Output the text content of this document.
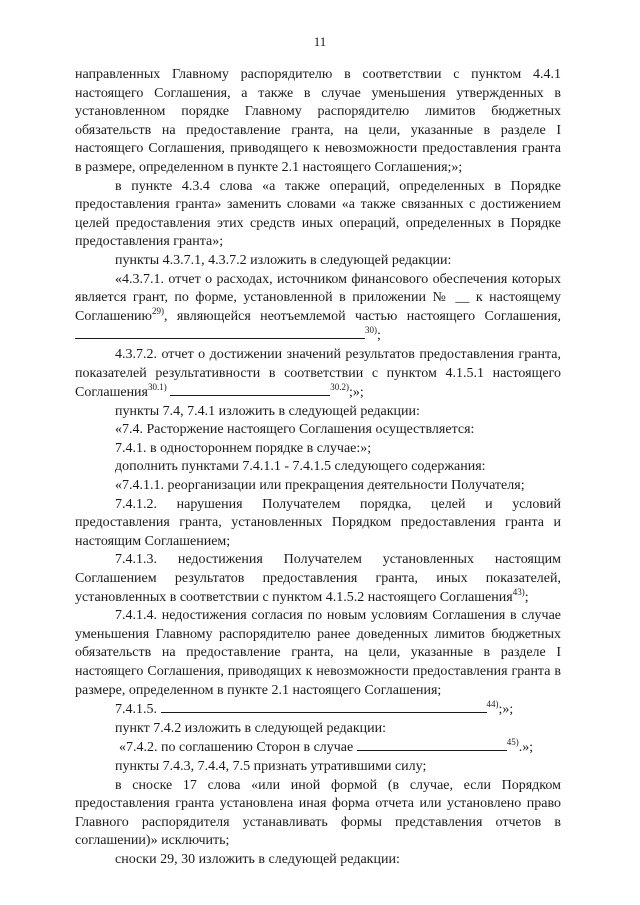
11

направленных Главному распорядителю в соответствии с пунктом 4.4.1 настоящего Соглашения, а также в случае уменьшения утвержденных в установленном порядке Главному распорядителю лимитов бюджетных обязательств на предоставление гранта, на цели, указанные в разделе I настоящего Соглашения, приводящего к невозможности предоставления гранта в размере, определенном в пункте 2.1 настоящего Соглашения;»;

в пункте 4.3.4 слова «а также операций, определенных в Порядке предоставления гранта» заменить словами «а также связанных с достижением целей предоставления этих средств иных операций, определенных в Порядке предоставления гранта»;

пункты 4.3.7.1, 4.3.7.2 изложить в следующей редакции:

«4.3.7.1. отчет о расходах, источником финансового обеспечения которых является грант, по форме, установленной в приложении № __ к настоящему Соглашению$^{29)}$, являющейся неотъемлемой частью настоящего Соглашения, $^{30)}$;

4.3.7.2. отчет о достижении значений результатов предоставления гранта, показателей результативности в соответствии с пунктом 4.1.5.1 настоящего Соглашения$^{30.1)}$	$^{30.2)}$;»;

пункты 7.4, 7.4.1 изложить в следующей редакции:

«7.4. Расторжение настоящего Соглашения осуществляется:

7.4.1. в одностороннем порядке в случае:»;

дополнить пунктами 7.4.1.1 - 7.4.1.5 следующего содержания:

«7.4.1.1. реорганизации или прекращения деятельности Получателя;

7.4.1.2. нарушения Получателем порядка, целей и условий предоставления гранта, установленных Порядком предоставления гранта и настоящим Соглашением;

7.4.1.3. недостижения Получателем установленных настоящим Соглашением результатов предоставления гранта, иных показателей, установленных в соответствии с пунктом 4.1.5.2 настоящего Соглашения$^{43)}$;

7.4.1.4. недостижения согласия по новым условиям Соглашения в случае уменьшения Главному распорядителю ранее доведенных лимитов бюджетных обязательств на предоставление гранта, на цели, указанные в разделе I настоящего Соглашения, приводящих к невозможности предоставления гранта в размере, определенном в пункте 2.1 настоящего Соглашения;

7.4.1.5.	$^{44)}$;»;

пункт 7.4.2 изложить в следующей редакции:

«7.4.2. по соглашению Сторон в случае	$^{45)}$.»;

пункты 7.4.3, 7.4.4, 7.5 признать утратившими силу;

в сноске 17 слова «или иной формой (в случае, если Порядком предоставления гранта установлена иная форма отчета или установлено право Главного распорядителя устанавливать формы представления отчетов в соглашении)» исключить;

сноски 29, 30 изложить в следующей редакции:
